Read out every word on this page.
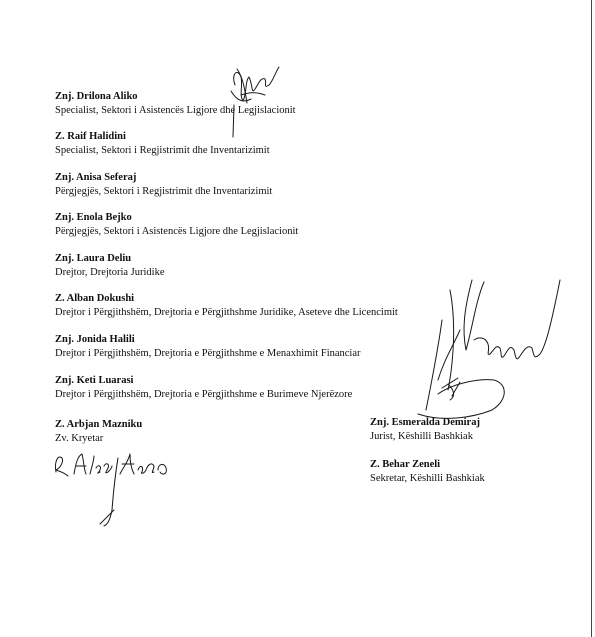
Znj. Drilona Aliko
Specialist, Sektori i Asistencës Ligjore dhe Legjislacionit
Z. Raif Halidini
Specialist, Sektori i Regjistrimit dhe Inventarizimit
Znj. Anisa Seferaj
Përgjegjës, Sektori i Regjistrimit dhe Inventarizimit
Znj. Enola Bejko
Përgjegjës, Sektori i Asistencës Ligjore dhe Legjislacionit
Znj. Laura Deliu
Drejtor, Drejtoria Juridike
Z. Alban Dokushi
Drejtor i Përgjithshëm, Drejtoria e Përgjithshme Juridike, Aseteve dhe Licencimit
Znj. Jonida Halili
Drejtor i Përgjithshëm, Drejtoria e Përgjithshme e Menaxhimit Financiar
Znj. Keti Luarasi
Drejtor i Përgjithshëm, Drejtoria e Përgjithshme e Burimeve Njerëzore
Z. Arbjan Mazniku
Zv. Kryetar
Znj. Esmeralda Demiraj
Jurist, Këshilli Bashkiak
Z. Behar Zeneli
Sekretar, Këshilli Bashkiak
